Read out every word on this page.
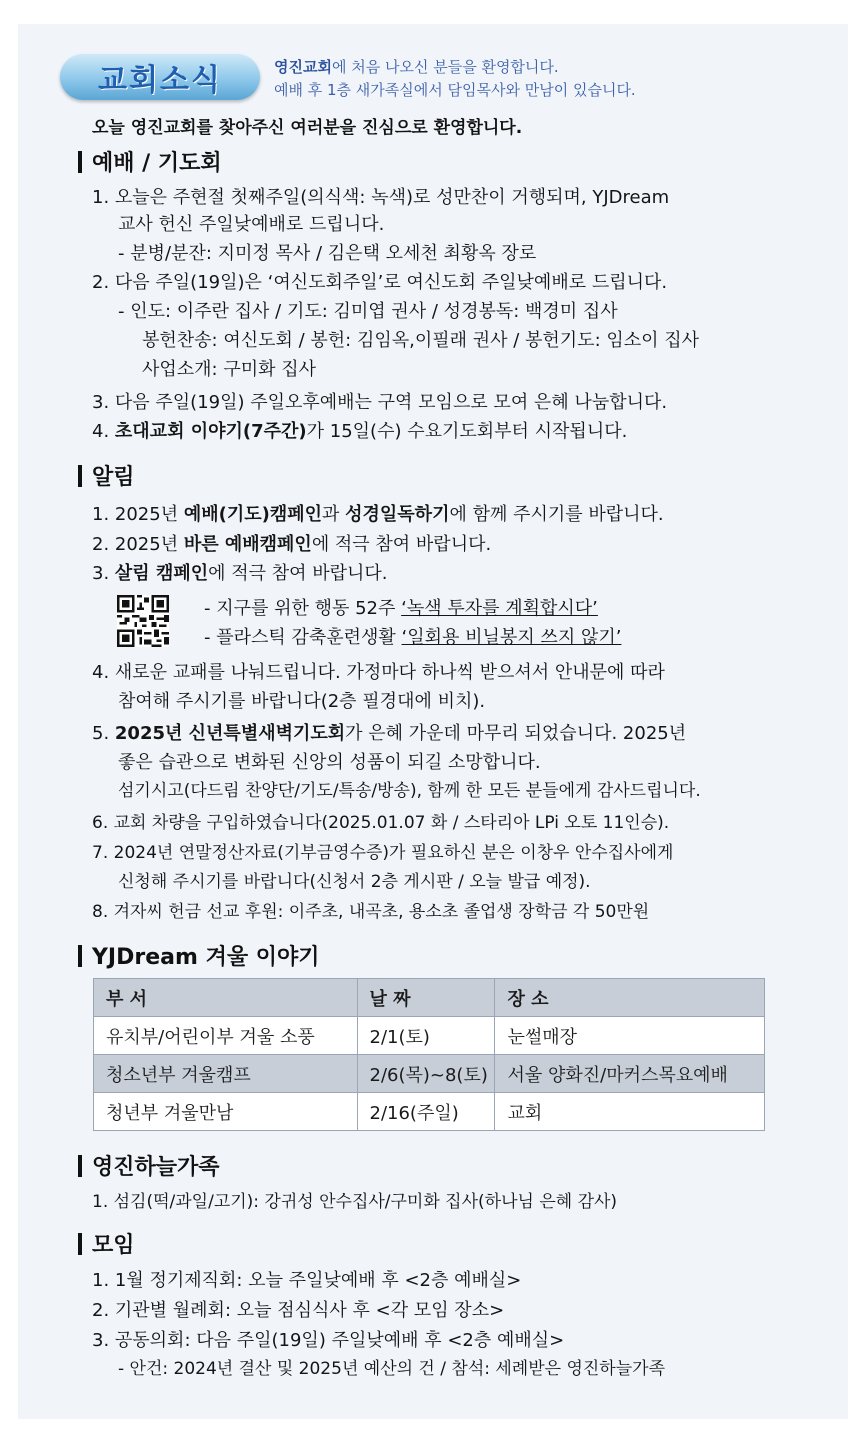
교회소식	영진교회에 처음 나오신 분들을 환영합니다.
예배 후 1층 새가족실에서 담임목사와 만남이 있습니다.
오늘 영진교회를 찾아주신 여러분을 진심으로 환영합니다.
예배 / 기도회
1. 오늘은 주현절 첫째주일(의식색: 녹색)로 성만찬이 거행되며, YJDream
교사 헌신 주일낮예배로 드립니다.
- 분병/분잔: 지미정 목사 / 김은택 오세천 최황옥 장로
2. 다음 주일(19일)은 ‘여신도회주일’로 여신도회 주일낮예배로 드립니다.
- 인도: 이주란 집사 / 기도: 김미엽 권사 / 성경봉독: 백경미 집사
봉헌찬송: 여신도회 / 봉헌: 김임옥,이필래 권사 / 봉헌기도: 임소이 집사
사업소개: 구미화 집사
3. 다음 주일(19일) 주일오후예배는 구역 모임으로 모여 은혜 나눔합니다.
4. 초대교회 이야기(7주간)가 15일(수) 수요기도회부터 시작됩니다.
알림
1. 2025년 예배(기도)캠페인과 성경일독하기에 함께 주시기를 바랍니다.
2. 2025년 바른 예배캠페인에 적극 참여 바랍니다.
3. 살림 캠페인에 적극 참여 바랍니다.
- 지구를 위한 행동 52주 ‘녹색 투자를 계획합시다’
- 플라스틱 감축훈련생활 ‘일회용 비닐봉지 쓰지 않기’
4. 새로운 교패를 나눠드립니다. 가정마다 하나씩 받으셔서 안내문에 따라
참여해 주시기를 바랍니다(2층 필경대에 비치).
5. 2025년 신년특별새벽기도회가 은혜 가운데 마무리 되었습니다. 2025년
좋은 습관으로 변화된 신앙의 성품이 되길 소망합니다.
섬기시고(다드림 찬양단/기도/특송/방송), 함께 한 모든 분들에게 감사드립니다.
6. 교회 차량을 구입하였습니다(2025.01.07 화 / 스타리아 LPi 오토 11인승).
7. 2024년 연말정산자료(기부금영수증)가 필요하신 분은 이창우 안수집사에게
신청해 주시기를 바랍니다(신청서 2층 게시판 / 오늘 발급 예정).
8. 겨자씨 헌금 선교 후원: 이주초, 내곡초, 용소초 졸업생 장학금 각 50만원
YJDream 겨울 이야기
부 서	날 짜	장 소
유치부/어린이부 겨울 소풍	2/1(토)	눈썰매장
청소년부 겨울캠프	2/6(목)~8(토)	서울 양화진/마커스목요예배
청년부 겨울만남	2/16(주일)	교회
영진하늘가족
1. 섬김(떡/과일/고기): 강귀성 안수집사/구미화 집사(하나님 은혜 감사)
모임
1. 1월 정기제직회: 오늘 주일낮예배 후 <2층 예배실>
2. 기관별 월례회: 오늘 점심식사 후 <각 모임 장소>
3. 공동의회: 다음 주일(19일) 주일낮예배 후 <2층 예배실>
- 안건: 2024년 결산 및 2025년 예산의 건 / 참석: 세례받은 영진하늘가족
